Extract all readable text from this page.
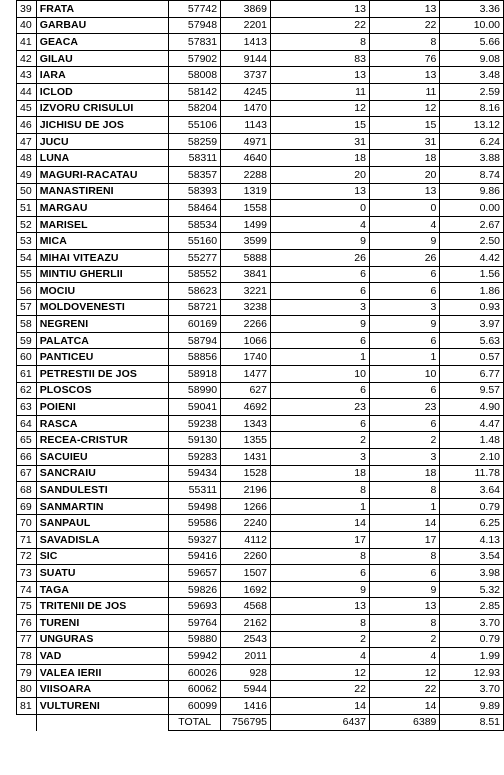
39	FRATA	57742	3869	13	13	3.36
40	GARBAU	57948	2201	22	22	10.00
41	GEACA	57831	1413	8	8	5.66
42	GILAU	57902	9144	83	76	9.08
43	IARA	58008	3737	13	13	3.48
44	ICLOD	58142	4245	11	11	2.59
45	IZVORU CRISULUI	58204	1470	12	12	8.16
46	JICHISU DE JOS	55106	1143	15	15	13.12
47	JUCU	58259	4971	31	31	6.24
48	LUNA	58311	4640	18	18	3.88
49	MAGURI-RACATAU	58357	2288	20	20	8.74
50	MANASTIRENI	58393	1319	13	13	9.86
51	MARGAU	58464	1558	0	0	0.00
52	MARISEL	58534	1499	4	4	2.67
53	MICA	55160	3599	9	9	2.50
54	MIHAI VITEAZU	55277	5888	26	26	4.42
55	MINTIU GHERLII	58552	3841	6	6	1.56
56	MOCIU	58623	3221	6	6	1.86
57	MOLDOVENESTI	58721	3238	3	3	0.93
58	NEGRENI	60169	2266	9	9	3.97
59	PALATCA	58794	1066	6	6	5.63
60	PANTICEU	58856	1740	1	1	0.57
61	PETRESTII DE JOS	58918	1477	10	10	6.77
62	PLOSCOS	58990	627	6	6	9.57
63	POIENI	59041	4692	23	23	4.90
64	RASCA	59238	1343	6	6	4.47
65	RECEA-CRISTUR	59130	1355	2	2	1.48
66	SACUIEU	59283	1431	3	3	2.10
67	SANCRAIU	59434	1528	18	18	11.78
68	SANDULESTI	55311	2196	8	8	3.64
69	SANMARTIN	59498	1266	1	1	0.79
70	SANPAUL	59586	2240	14	14	6.25
71	SAVADISLA	59327	4112	17	17	4.13
72	SIC	59416	2260	8	8	3.54
73	SUATU	59657	1507	6	6	3.98
74	TAGA	59826	1692	9	9	5.32
75	TRITENII DE JOS	59693	4568	13	13	2.85
76	TURENI	59764	2162	8	8	3.70
77	UNGURAS	59880	2543	2	2	0.79
78	VAD	59942	2011	4	4	1.99
79	VALEA IERII	60026	928	12	12	12.93
80	VIISOARA	60062	5944	22	22	3.70
81	VULTURENI	60099	1416	14	14	9.89
		TOTAL	756795	6437	6389	8.51
